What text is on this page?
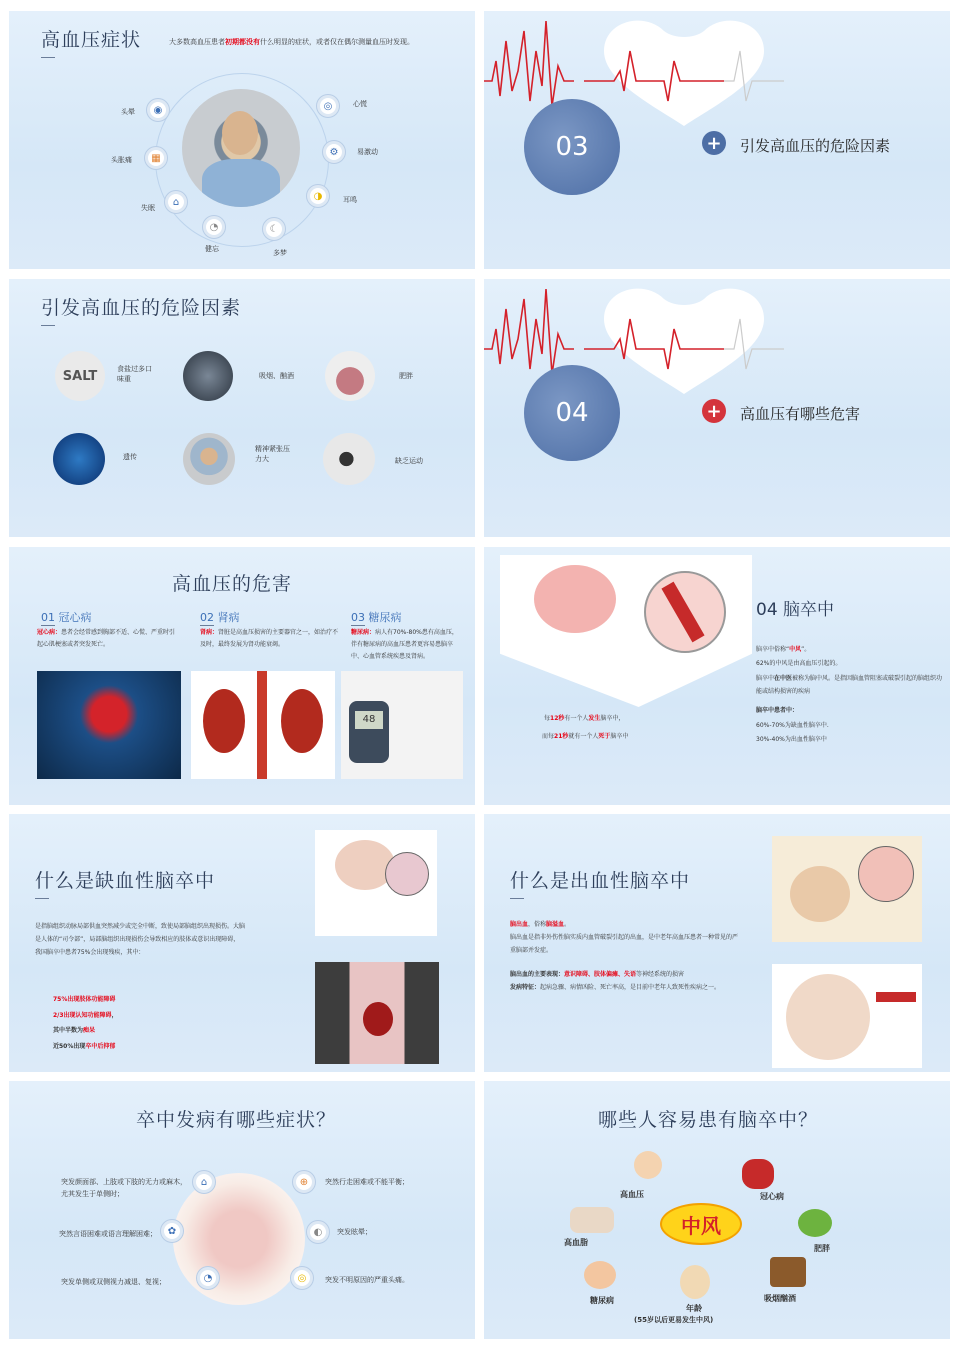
高血压症状	大多数高血压患者初期都没有什么明显的症状，或者仅在偶尔测量血压时发现。
◉
头晕
▦
头胀痛
⌂
失眠
◔
健忘
☾
多梦
◑	耳鸣
⚙	易激动
◎	心慌
03	+ 引发高血压的危险因素
引发高血压的危险因素
SALT	食盐过多口味重	吸烟、酗酒	肥胖
遗传
精神紧张压力大	缺乏运动
04	+ 高血压有哪些危害
高血压的危害
01 冠心病
冠心病：患者会经常感到胸部不适、心慌、严重时引起心肌梗塞或者突发死亡。
02 肾病
肾病：肾脏是高血压损害的主要器官之一，如治疗不及时，最终发展为肾功能衰竭。
03 糖尿病
糖尿病：病人有70%-80%患有高血压，伴有糖尿病的高血压患者更容易患脑卒中、心血管系统疾患及肾病。
48	每12秒有一个人发生脑卒中，
而每21秒就有一个人死于脑卒中
04 脑卒中
脑卒中俗称“中风”。
62%的中风是由高血压引起的。
脑卒中在中医被称为脑中风。是指因脑血管阻塞或破裂引起的脑组织功能或结构损害的疾病
脑卒中患者中：
60%-70%为缺血性脑卒中.
30%-40%为出血性脑卒中
什么是缺血性脑卒中
是指脑组织动脉局部供血突然减少或完全中断，致使局部脑组织出现损伤。大脑是人体的“司令部”，局部脑组织出现损伤会导致相应的肢体或意识出现障碍，我国脑卒中患者75%会出现残疾，其中：
75%出现肢体功能障碍
2/3出现认知功能障碍，
其中半数为痴呆
近50%出现卒中后抑郁
什么是出血性脑卒中
脑出血，俗称脑溢血。
脑出血是指非外伤性脑实质内血管破裂引起的出血，是中老年高血压患者一种常见的严重脑部并发症。
脑出血的主要表现：意识障碍、肢体偏瘫、失语等神经系统的损害
发病特征：起病急骤、病情凶险、死亡率高，是目前中老年人致死性疾病之一。
卒中发病有哪些症状？
突发颜面部、上肢或下肢的无力或麻木，尤其发生于单侧时；
突然言语困难或语言理解困难；
突发单侧或双侧视力减退、复视；
⌂
✿
◔
⊕
◐
◎
突然行走困难或不能平衡；
突发眩晕；
突发不明原因的严重头痛。
哪些人容易患有脑卒中？
中风
高血压	冠心病
高血脂
肥胖
糖尿病	吸烟酗酒
年龄
(55岁以后更易发生中风)
